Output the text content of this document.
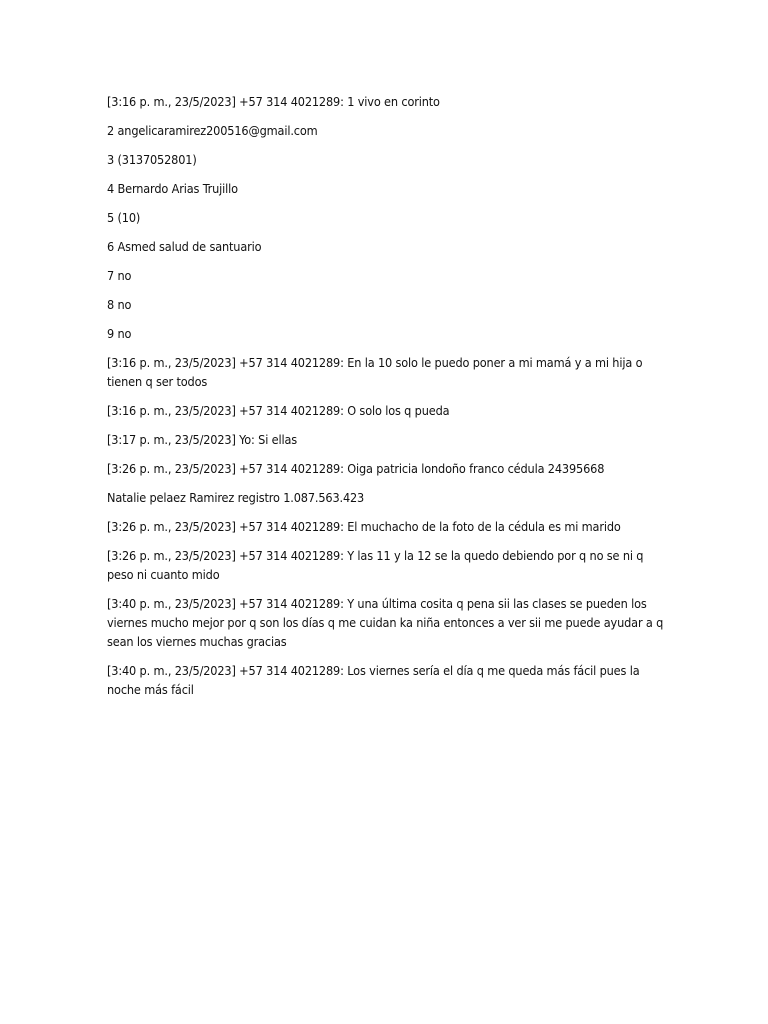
[3:16 p. m., 23/5/2023] +57 314 4021289: 1 vivo en corinto

2 angelicaramirez200516@gmail.com

3 (3137052801)

4 Bernardo Arias Trujillo

5 (10)

6 Asmed salud de santuario

7 no

8 no

9 no

[3:16 p. m., 23/5/2023] +57 314 4021289: En la 10 solo le puedo poner a mi mamá y a mi hija o tienen q ser todos

[3:16 p. m., 23/5/2023] +57 314 4021289: O solo los q pueda

[3:17 p. m., 23/5/2023] Yo: Si ellas

[3:26 p. m., 23/5/2023] +57 314 4021289: Oiga patricia londoño franco cédula 24395668

Natalie pelaez Ramirez registro 1.087.563.423

[3:26 p. m., 23/5/2023] +57 314 4021289: El muchacho de la foto de la cédula es mi marido

[3:26 p. m., 23/5/2023] +57 314 4021289: Y las 11 y la 12 se la quedo debiendo por q no se ni q peso ni cuanto mido

[3:40 p. m., 23/5/2023] +57 314 4021289: Y una última cosita q pena sii las clases se pueden los viernes mucho mejor por q son los días q me cuidan ka niña entonces a ver sii me puede ayudar a q sean los viernes muchas gracias

[3:40 p. m., 23/5/2023] +57 314 4021289: Los viernes sería el día q me queda más fácil pues la noche más fácil
